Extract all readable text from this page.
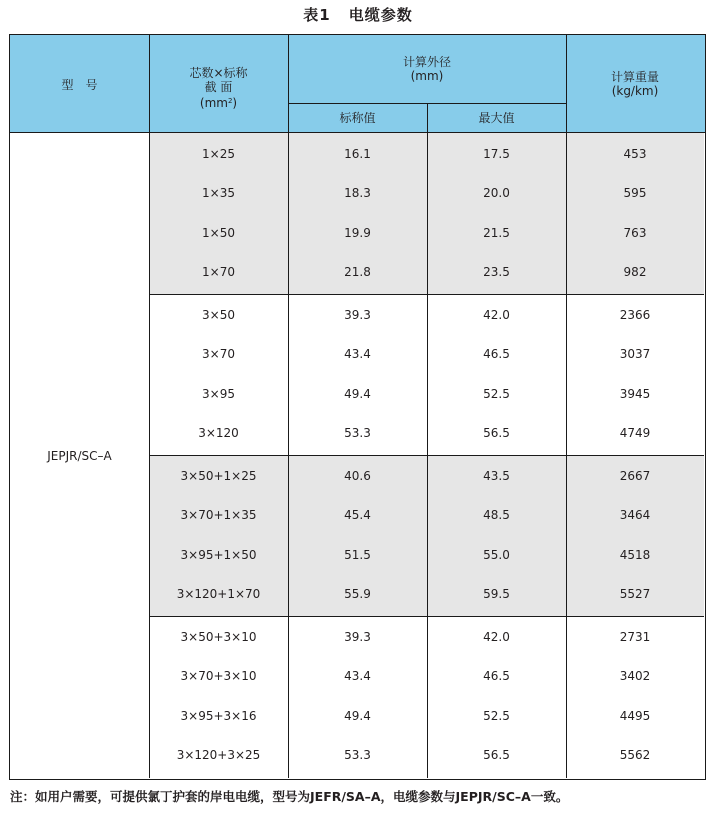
表1 电缆参数
型　号
芯数×标称
截 面
$(mm^2)$
计算外径
(mm)
标称值	最大值
计算重量
(kg/km)
JEPJR/SC–A
1×25	16.1	17.5	453
1×35	18.3	20.0	595
1×50	19.9	21.5	763
1×70	21.8	23.5	982
3×50	39.3	42.0	2366
3×70	43.4	46.5	3037
3×95	49.4	52.5	3945
3×120	53.3	56.5	4749
3×50+1×25	40.6	43.5	2667
3×70+1×35	45.4	48.5	3464
3×95+1×50	51.5	55.0	4518
3×120+1×70	55.9	59.5	5527
3×50+3×10	39.3	42.0	2731
3×70+3×10	43.4	46.5	3402
3×95+3×16	49.4	52.5	4495
3×120+3×25	53.3	56.5	5562
注：如用户需要，可提供氯丁护套的岸电电缆，型号为JEFR/SA–A，电缆参数与JEPJR/SC–A一致。
